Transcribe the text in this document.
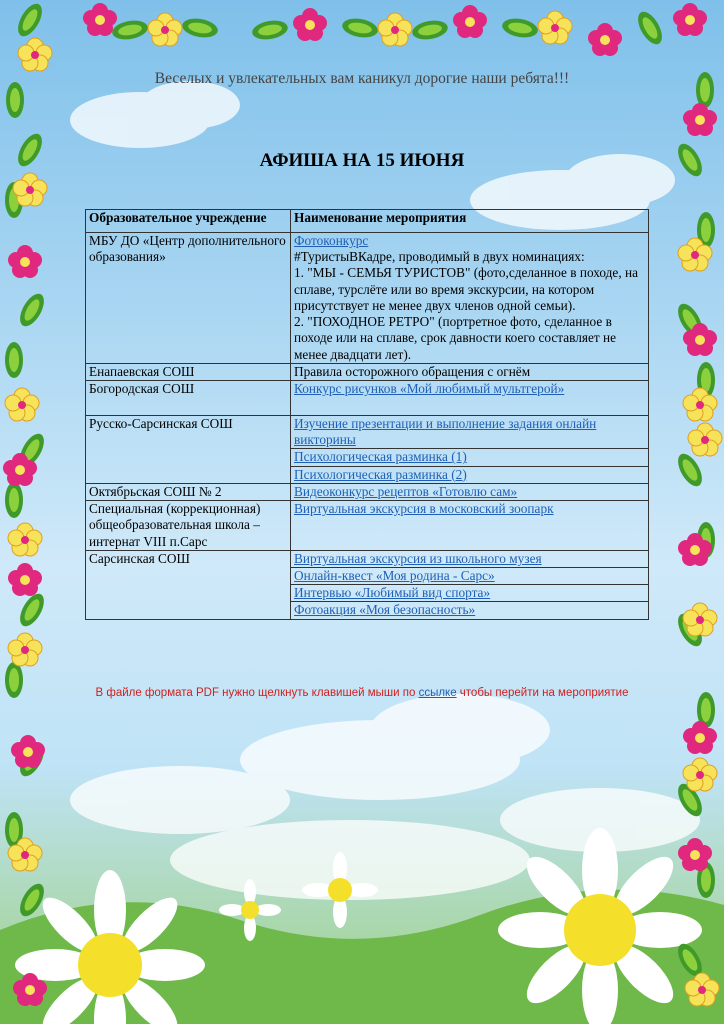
Веселых и увлекательных вам каникул дорогие наши ребята!!!
АФИША НА 15 ИЮНЯ
Образовательное учреждение	Наименование мероприятия
МБУ ДО «Центр дополнительного образования»	Фотоконкурс
#ТуристыВКадре, проводимый в двух номинациях:
1. "МЫ - СЕМЬЯ ТУРИСТОВ" (фото,сделанное в походе, на сплаве, турслёте или во время экскурсии, на котором присутствует не менее двух членов одной семьи).
2. "ПОХОДНОЕ РЕТРО" (портретное фото, сделанное в походе или на сплаве, срок давности коего составляет не менее двадцати лет).

Енапаевская СОШ	Правила осторожного обращения с огнём
Богородская СОШ	Конкурс рисунков «Мой любимый мультгерой»

Русско-Сарсинская СОШ	Изучение презентации и выполнение задания онлайн викторины
Психологическая разминка (1)
Психологическая разминка (2)

Октябрьская СОШ № 2	Видеоконкурс рецептов «Готовлю сам»

Специальная (коррекционная) общеобразовательная школа – интернат VIII п.Сарс	Виртуальная экскурсия в московский зоопарк

Сарсинская СОШ	Виртуальная экскурсия из школьного музея
Онлайн-квест «Моя родина - Сарс»
Интервью «Любимый вид спорта»
Фотоакция «Моя безопасность»
В файле формата PDF нужно щелкнуть клавишей мыши по ссылке чтобы перейти на мероприятие
